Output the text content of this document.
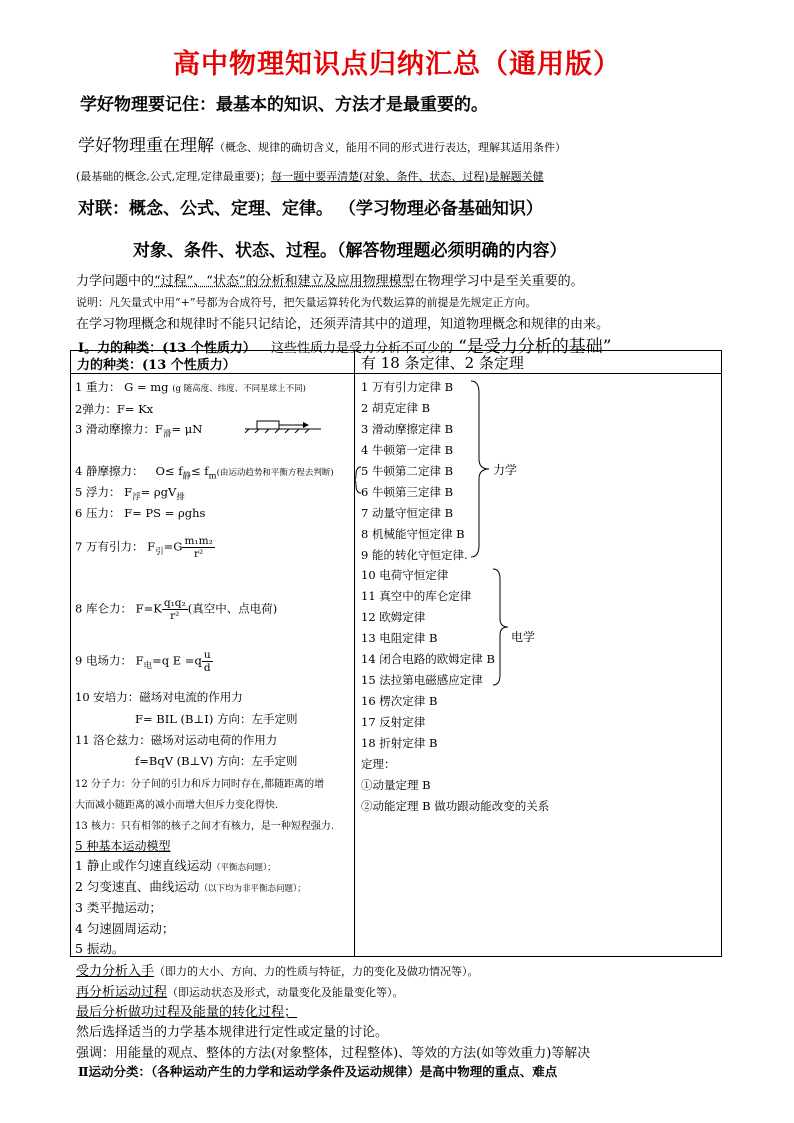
高中物理知识点归纳汇总（通用版）
学好物理要记住：最基本的知识、方法才是最重要的。
学好物理重在理解（概念、规律的确切含义，能用不同的形式进行表达，理解其适用条件）
(最基础的概念,公式,定理,定律最重要)；每一题中要弄清楚(对象、条件、状态、过程)是解题关健
对联：概念、公式、定理、定律。 （学习物理必备基础知识）
对象、条件、状态、过程。（解答物理题必须明确的内容）
力学问题中的“过程”、“状态”的分析和建立及应用物理模型在物理学习中是至关重要的。
说明：凡矢量式中用“+”号都为合成符号，把矢量运算转化为代数运算的前提是先规定正方向。
在学习物理概念和规律时不能只记结论，还须弄清其中的道理，知道物理概念和规律的由来。
Ⅰ。力的种类：(13 个性质力） 这些性质力是受力分析不可少的 “是受力分析的基础”
力的种类：(13 个性质力）	有 18 条定律、2 条定理
1 重力： G = mg (g 随高度、纬度、不同星球上不同)
2弹力：F= Kx
3 滑动摩擦力：$F_滑= \mu N$
4 静摩擦力： $O\le f_静\le f_m$(由运动趋势和平衡方程去判断)
5 浮力： $F_浮= \rho gV_排$
6 压力： F= PS = ρghs
7 万有引力： $F_引=G \frac{\text{m₁m₂}}{\text{r²}}$
8 库仑力： $F=K \frac{\text{q₁q₂}}{\text{r²}}$ (真空中、点电荷)
9 电场力： $F_电=q$ $E =q \frac{u}{d}$
10 安培力：磁场对电流的作用力
F= BIL (B⊥I) 方向：左手定则
11 洛仑兹力：磁场对运动电荷的作用力
f=BqV (B⊥V) 方向：左手定则
12 分子力：分子间的引力和斥力同时存在,都随距离的增
大而减小随距离的减小而增大但斥力变化得快.
13 核力：只有相邻的核子之间才有核力，是一种短程强力.
5 种基本运动模型
1 静止或作匀速直线运动（平衡态问题）；
2 匀变速直、曲线运动（以下均为非平衡态问题）；
3 类平抛运动；
4 匀速圆周运动；
5 振动。
1 万有引力定律 B
2 胡克定律 B
3 滑动摩擦定律 B
4 牛顿第一定律 B
5 牛顿第二定律 B
6 牛顿第三定律 B
7 动量守恒定律 B
8 机械能守恒定律 B
9 能的转化守恒定律.
10 电荷守恒定律
11 真空中的库仑定律
12 欧姆定律
13 电阻定律 B
14 闭合电路的欧姆定律 B
15 法拉第电磁感应定律
16 楞次定律 B
17 反射定律
18 折射定律 B
定理：
①动量定理 B
②动能定理 B 做功跟动能改变的关系
力学
电学
受力分析入手（即力的大小、方向、力的性质与特征，力的变化及做功情况等）。
再分析运动过程（即运动状态及形式，动量变化及能量变化等）。
最后分析做功过程及能量的转化过程；
然后选择适当的力学基本规律进行定性或定量的讨论。
强调：用能量的观点、整体的方法(对象整体，过程整体)、等效的方法(如等效重力)等解决
Ⅱ运动分类：（各种运动产生的力学和运动学条件及运动规律）是高中物理的重点、难点
